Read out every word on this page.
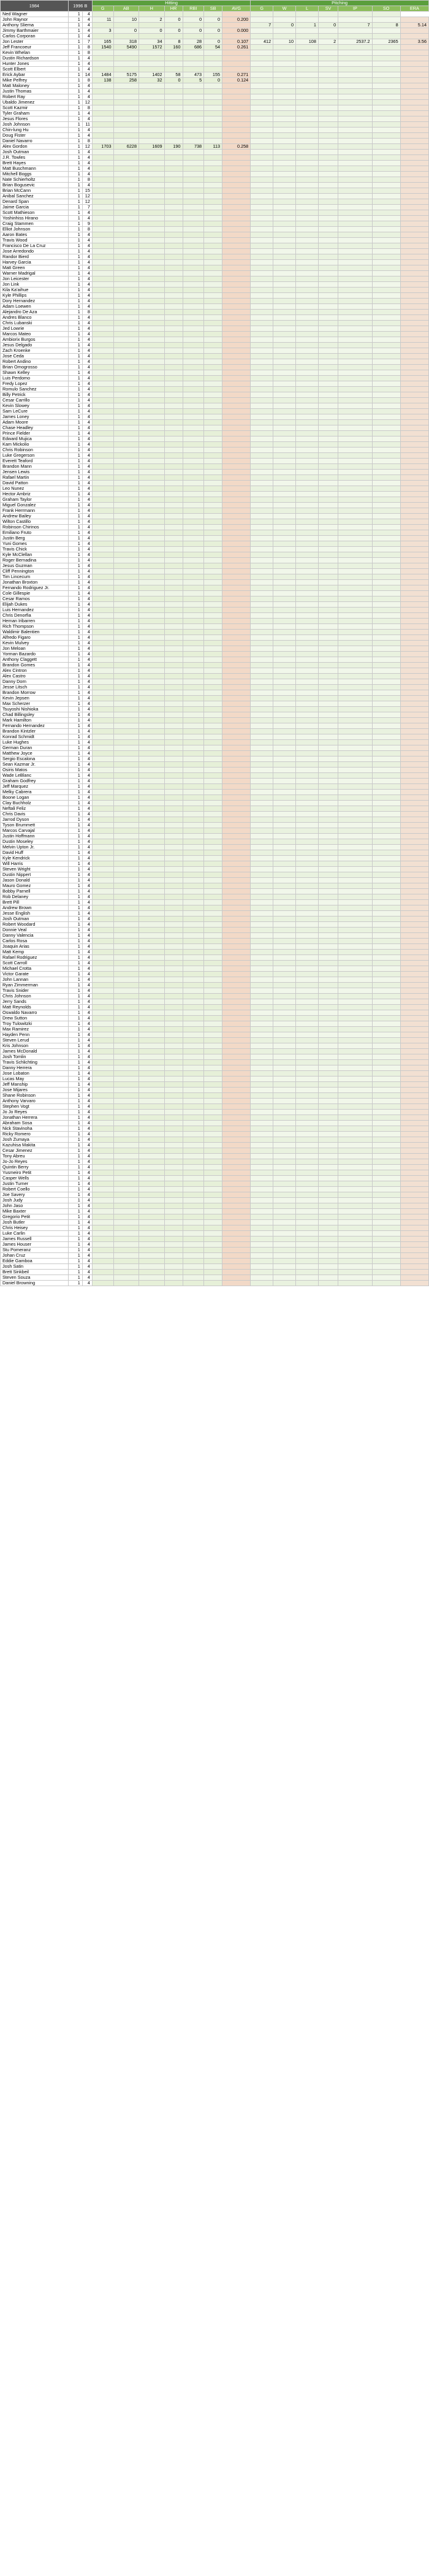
1984	1996 B		Hitting							Pitching						
			G	AB	H	HR	RBI	SB	AVG	G	W	L	SV	IP	SO	ERA
Ned Wagner	1	4														
John Raynor	1	4	11	10	2	0	0	0	0.200							
Anthony Sliema	1	4								7	0	1	0	7	8	5.14
Jimmy Barthmaier	1	4	3	0	0	0	0	0	0.000							
Carlos Corporan	1	4														
Jon Lester	1	7	165	318	34	8	28	0	0.107	412	10	108	2	2537.2	2365	3.56
Jeff Francoeur	1	8	1540	5490	1572	160	686	54	0.261							
Kevin Whelan	1	8														
Dustin Richardson	1	4														
Hunter Jones	1	4														
Scott Elbert	1	4														
Erick Aybar	1	14	1484	5175	1402	58	473	155	0.271							
Mike Pelfrey	1	8	138	258	32	0	5	0	0.124							
Matt Maloney	1	4														
Justin Thomas	1	4														
Robert Ray	1	4														
Ubaldo Jimenez	1	12														
Scott Kazmir	1	8														
Tyler Graham	1	4														
Jesus Flores	1	4														
Josh Johnson	1	11														
Chin-lung Hu	1	4														
Doug Fister	1	4														
Daniel Navarro	1	8														
Alex Gordon	1	12	1703	6228	1609	190	738	113	0.258							
Josh Outman	1	4														
J.R. Towles	1	4														
Brett Hayes	1	4														
Matt Buschmann	1	4														
Mitchell Boggs	1	4														
Nate Schierholtz	1	8														
Brian Bogusevic	1	4														
Brian McCann	1	15														
Anibal Sanchez	1	12														
Denard Span	1	12														
Jaime Garcia	1	7														
Scott Mathieson	1	4														
Yoshinhiss Hirano	1	4														
Craig Stammen	1	9														
Elliot Johnson	1	8														
Aaron Bates	1	4														
Travis Wood	1	4														
Francisco De La Cruz	1	4														
Jose Arredondo	1	4														
Randor Bierd	1	4														
Harvey Garcia	1	4														
Matt Green	1	4														
Warner Madrigal	1	4														
Jon Leicester	1	4														
Jon Link	1	4														
Kila Ka'aihue	1	4														
Kyle Phillips	1	4														
Dory Hernandez	1	4														
Adam Loewen	1	4														
Alejandro De Aza	1	8														
Andres Blanco	1	4														
Chris Lubanski	1	4														
Jed Lowrie	1	4														
Marcos Mateo	1	4														
Ambiorix Burgos	1	4														
Jesus Delgado	1	4														
Zach Kroenke	1	4														
Jose Ceda	1	4														
Robert Andino	1	4														
Brian Omogrosso	1	4														
Shawn Kelley	1	4														
Luis Perdomo	1	4														
Fredy Lopez	1	4														
Romulo Sanchez	1	4														
Billy Petrick	1	4														
Cesar Carrillo	1	4														
Kevin Slowey	1	4														
Sam LeCure	1	4														
James Loney	1	4														
Adam Moore	1	4														
Chase Headley	1	4														
Prince Fielder	1	4														
Edward Mujica	1	4														
Kam Mickolio	1	4														
Chris Robinson	1	4														
Luke Gregerson	1	4														
Everett Teaford	1	4														
Brandon Mann	1	4														
Jensen Lewis	1	4														
Rafael Martin	1	4														
David Patton	1	4														
Leo Nunez	1	4														
Hector Ambriz	1	4														
Graham Taylor	1	4														
Miguel Gonzalez	1	4														
Frank Herrmann	1	4														
Andrew Bailey	1	4														
Wilton Castillo	1	4														
Robinson Chirinos	1	4														
Emiliano Fruto	1	4														
Justin Berg	1	4														
Yuni Gomes	1	4														
Travis Chick	1	4														
Kyle McClellan	1	4														
Roger Bernadina	1	4														
Jesus Guzman	1	4														
Cliff Pennington	1	4														
Tim Lincecum	1	4														
Jonathan Broxton	1	4														
Fernando Rodriguez Jr.	1	4														
Cole Gillespie	1	4														
Cesar Ramos	1	4														
Elijah Dukes	1	4														
Luis Hernandez	1	4														
Chris Denorfia	1	4														
Hernan Iribarren	1	4														
Rich Thompson	1	4														
Waldimir Balentien	1	4														
Alfredo Figaro	1	4														
Kevin Mulvey	1	4														
Jon Meloan	1	4														
Yorman Bazardo	1	4														
Anthony Claggett	1	4														
Brandon Gomes	1	4														
Alex Cintron	1	4														
Alex Castro	1	4														
Danny Dorn	1	4														
Jesse Litsch	1	4														
Brandon Morrow	1	4														
Kevin Jepsen	1	4														
Max Scherzer	1	4														
Tsuyoshi Nishioka	1	4														
Chad Billingsley	1	4														
Mark Hamilton	1	4														
Fernando Hernandez	1	4														
Brandon Kintzler	1	4														
Konrad Schmidt	1	4														
Luke Hughes	1	4														
German Duran	1	4														
Matthew Joyce	1	4														
Sergio Escalona	1	4														
Sean Kazmar Jr.	1	4														
Osiris Matos	1	4														
Wade LeBlanc	1	4														
Graham Godfrey	1	4														
Jeff Marquez	1	4														
Melky Cabrera	1	4														
Boone Logan	1	4														
Clay Buchholz	1	4														
Neftali Feliz	1	4														
Chris Davis	1	4														
Jarrod Dyson	1	4														
Tyson Brummett	1	4														
Marcos Carvajal	1	4														
Justin Hoffmann	1	4														
Dustin Moseley	1	4														
Melvin Upton Jr.	1	4														
David Huff	1	4														
Kyle Kendrick	1	4														
Will Harris	1	4														
Steven Wright	1	4														
Dustin Nippert	1	4														
Jason Donald	1	4														
Mauro Gomez	1	4														
Bobby Parnell	1	4														
Rob Delaney	1	4														
Brett Pill	1	4														
Andrew Brown	1	4														
Jesse English	1	4														
Josh Outman	1	4														
Robert Woodard	1	4														
Donnie Veal	1	4														
Danny Valencia	1	4														
Carlos Rosa	1	4														
Joaquin Arias	1	4														
Matt Kemp	1	4														
Rafael Rodriguez	1	4														
Scott Carroll	1	4														
Michael Crotta	1	4														
Victor Garate	1	4														
John Lannan	1	4														
Ryan Zimmerman	1	4														
Travis Snider	1	4														
Chris Johnson	1	4														
Jerry Sands	1	4														
Matt Reynolds	1	4														
Oswaldo Navarro	1	4														
Drew Sutton	1	4														
Troy Tulowitzki	1	4														
Max Ramirez	1	4														
Hayden Penn	1	4														
Steven Lerud	1	4														
Kris Johnson	1	4														
James McDonald	1	4														
Josh Tomlin	1	4														
Travis Schlichting	1	4														
Danny Herrera	1	4														
Jose Lobaton	1	4														
Lucas May	1	4														
Jeff Manship	1	4														
Jose Mijares	1	4														
Shane Robinson	1	4														
Anthony Varvaro	1	4														
Stephen Vogt	1	4														
Jo Jo Reyes	1	4														
Jonathan Herrera	1	4														
Abraham Sosa	1	4														
Nick Stavinoha	1	4														
Ricky Romero	1	4														
Josh Zumaya	1	4														
Kazuhisa Makita	1	4														
Cesar Jimenez	1	4														
Tony Abreu	1	4														
Jo-Jo Reyes	1	4														
Quintin Berry	1	4														
Yusmeiro Petit	1	4														
Casper Wells	1	4														
Justin Turner	1	4														
Robert Coello	1	4														
Joe Savery	1	4														
Josh Judy	1	4														
John Jaso	1	4														
Mike Baxter	1	4														
Gregorio Petit	1	4														
Josh Butler	1	4														
Chris Heisey	1	4														
Luke Carlin	1	4														
James Russell	1	4														
James Houser	1	4														
Stu Pomeranz	1	4														
Johan Cruz	1	4														
Eddie Gamboa	1	4														
Josh Satin	1	4														
Brett Sinkbeil	1	4														
Steven Souza	1	4														
Daniel Browning	1	4														
